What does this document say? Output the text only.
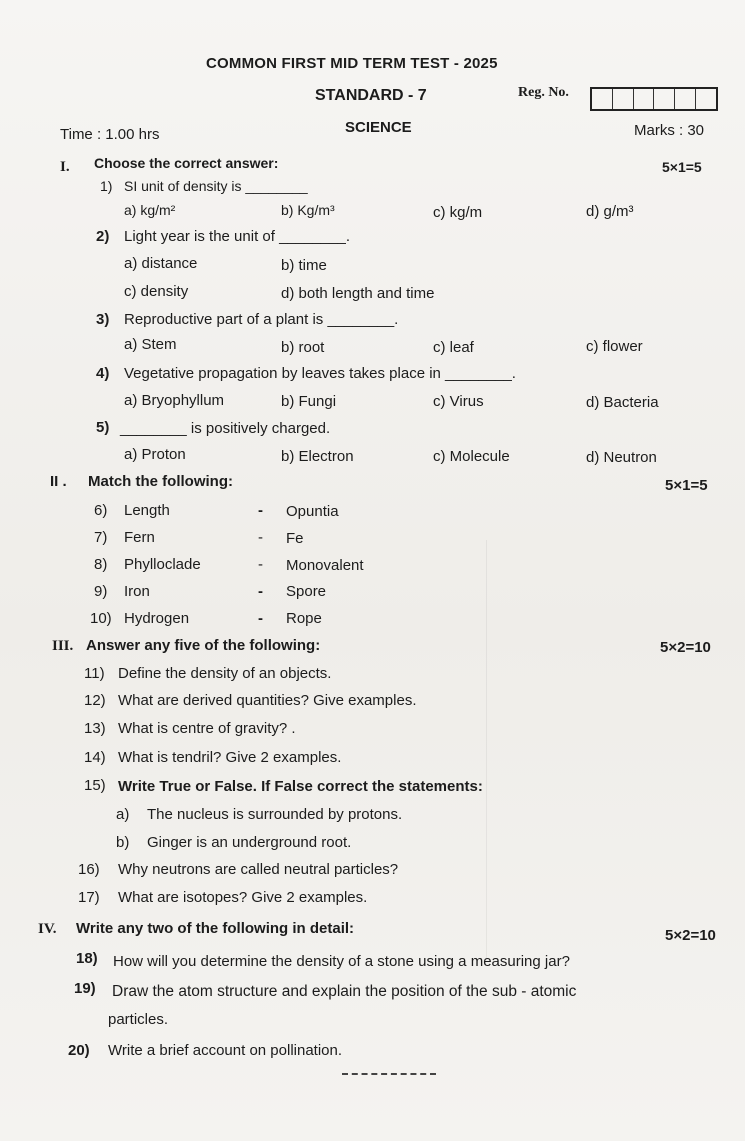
COMMON FIRST MID TERM TEST - 2025
STANDARD - 7	Reg. No.
Time : 1.00 hrs	SCIENCE	Marks : 30
I. Choose the correct answer:	5×1=5
1) SI unit of density is ________
a) kg/m²	b) Kg/m³	c) kg/m	d) g/m³
2) Light year is the unit of ________.
a) distance	b) time
c) density	d) both length and time
3) Reproductive part of a plant is ________.
a) Stem	b) root	c) leaf	c) flower
4) Vegetative propagation by leaves takes place in ________.
a) Bryophyllum	b) Fungi	c) Virus	d) Bacteria
5) ________ is positively charged.
a) Proton	b) Electron	c) Molecule	d) Neutron
II . Match the following:	5×1=5
6) Length	- Opuntia
7) Fern	- Fe
8) Phylloclade	- Monovalent
9) Iron	- Spore
10) Hydrogen	- Rope
III. Answer any five of the following:	5×2=10
11) Define the density of an objects.
12) What are derived quantities? Give examples.
13) What is centre of gravity? .
14) What is tendril? Give 2 examples.
15) Write True or False. If False correct the statements:
a) The nucleus is surrounded by protons.
b) Ginger is an underground root.
16) Why neutrons are called neutral particles?
17) What are isotopes? Give 2 examples.
IV. Write any two of the following in detail:	5×2=10
18) How will you determine the density of a stone using a measuring jar?
19) Draw the atom structure and explain the position of the sub - atomic
particles.
20) Write a brief account on pollination.
